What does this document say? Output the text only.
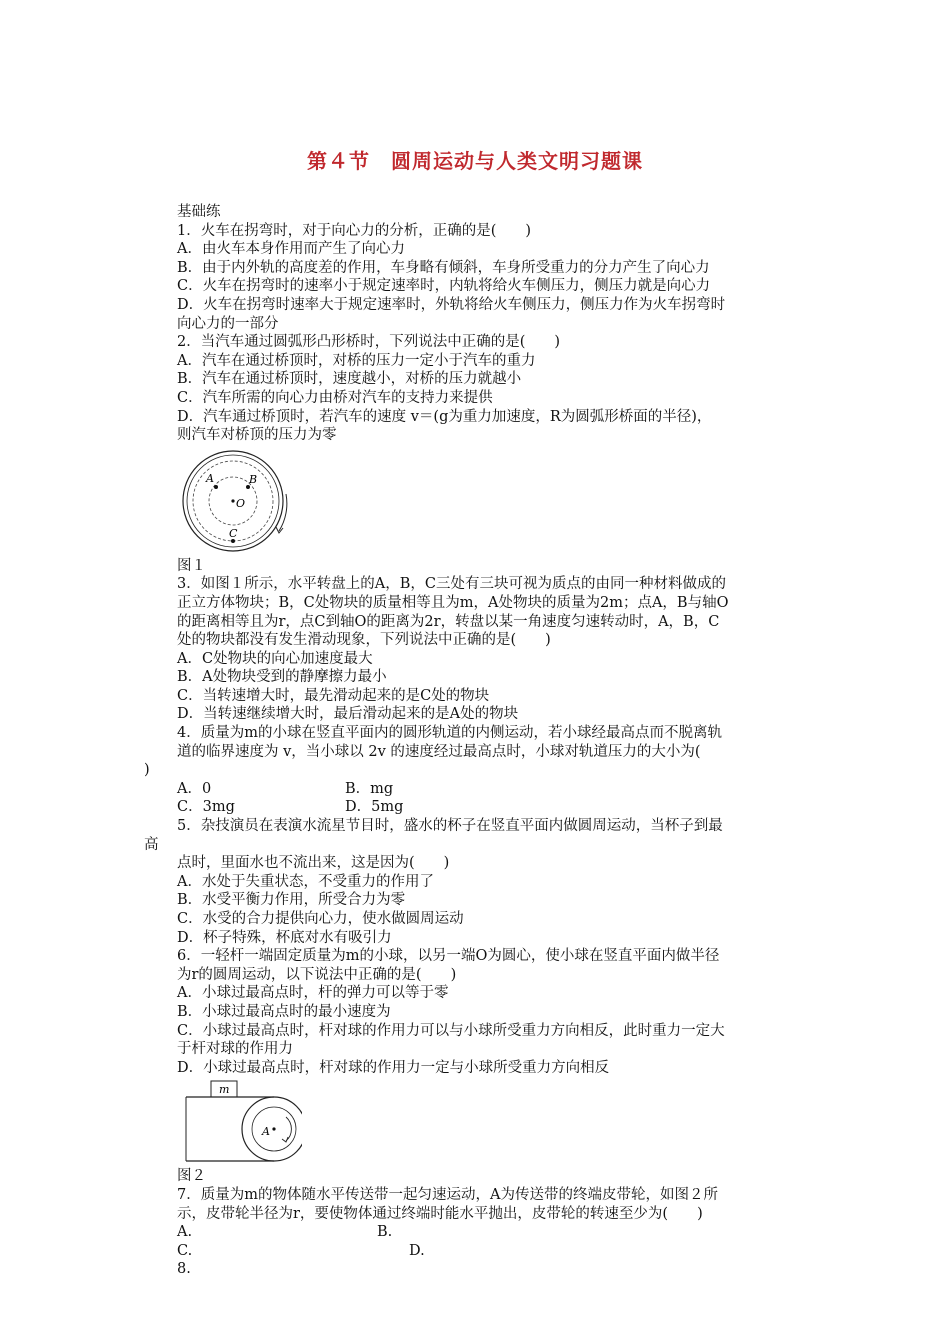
第４节　圆周运动与人类文明习题课
基础练
1．火车在拐弯时，对于向心力的分析，正确的是(　　)
A．由火车本身作用而产生了向心力
B．由于内外轨的高度差的作用，车身略有倾斜，车身所受重力的分力产生了向心力
C．火车在拐弯时的速率小于规定速率时，内轨将给火车侧压力，侧压力就是向心力
D．火车在拐弯时速率大于规定速率时，外轨将给火车侧压力，侧压力作为火车拐弯时
向心力的一部分
2．当汽车通过圆弧形凸形桥时，下列说法中正确的是(　　)
A．汽车在通过桥顶时，对桥的压力一定小于汽车的重力
B．汽车在通过桥顶时，速度越小，对桥的压力就越小
C．汽车所需的向心力由桥对汽车的支持力来提供
D．汽车通过桥顶时，若汽车的速度 v＝(g为重力加速度，R为圆弧形桥面的半径)，
则汽车对桥顶的压力为零
A	B
O
C
图１
3．如图１所示，水平转盘上的A，B，C三处有三块可视为质点的由同一种材料做成的
正立方体物块；B，C处物块的质量相等且为m，A处物块的质量为2m；点A，B与轴O
的距离相等且为r，点C到轴O的距离为2r，转盘以某一角速度匀速转动时，A，B，C
处的物块都没有发生滑动现象，下列说法中正确的是(　　)
A．C处物块的向心加速度最大
B．A处物块受到的静摩擦力最小
C．当转速增大时，最先滑动起来的是C处的物块
D．当转速继续增大时，最后滑动起来的是A处的物块
4．质量为m的小球在竖直平面内的圆形轨道的内侧运动，若小球经最高点而不脱离轨
道的临界速度为 v，当小球以 2v 的速度经过最高点时，小球对轨道压力的大小为(
)
A．0	B．mg
C．3mg	D．5mg
5．杂技演员在表演水流星节目时，盛水的杯子在竖直平面内做圆周运动，当杯子到最
高
点时，里面水也不流出来，这是因为(　　)
A．水处于失重状态，不受重力的作用了
B．水受平衡力作用，所受合力为零
C．水受的合力提供向心力，使水做圆周运动
D．杯子特殊，杯底对水有吸引力
6．一轻杆一端固定质量为m的小球，以另一端O为圆心，使小球在竖直平面内做半径
为r的圆周运动，以下说法中正确的是(　　)
A．小球过最高点时，杆的弹力可以等于零
B．小球过最高点时的最小速度为
C．小球过最高点时，杆对球的作用力可以与小球所受重力方向相反，此时重力一定大
于杆对球的作用力
D．小球过最高点时，杆对球的作用力一定与小球所受重力方向相反
m
A
图２
7．质量为m的物体随水平传送带一起匀速运动，A为传送带的终端皮带轮，如图２所
示，皮带轮半径为r，要使物体通过终端时能水平抛出，皮带轮的转速至少为(　　)
A.	B.
C.	D.
8.
